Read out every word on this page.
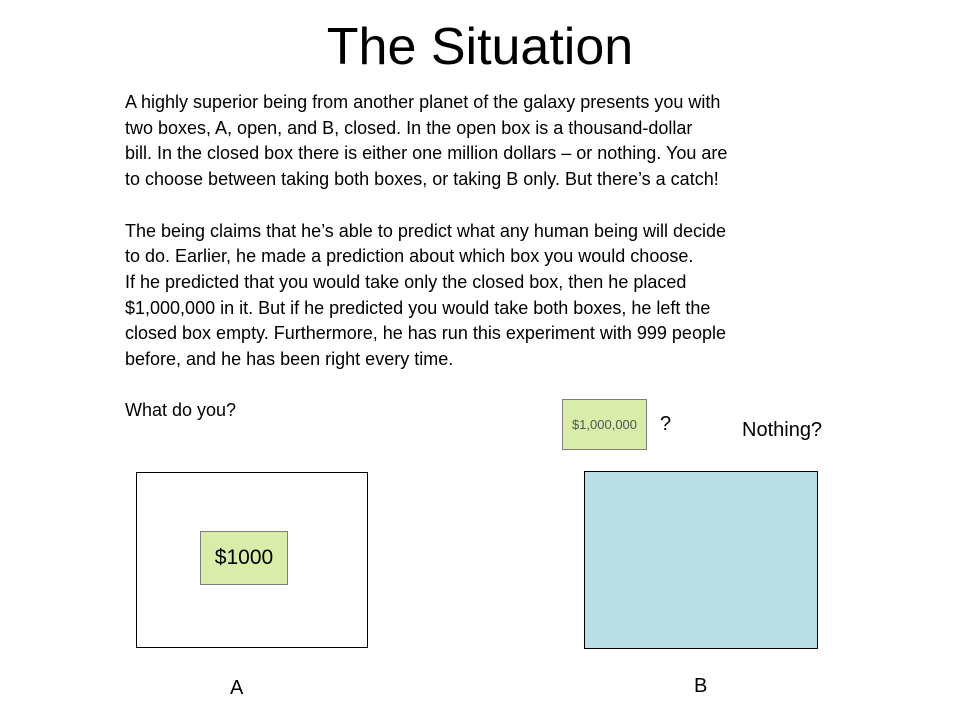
The Situation

A highly superior being from another planet of the galaxy presents you with

two boxes, A, open, and B, closed. In the open box is a thousand-dollar

bill. In the closed box there is either one million dollars – or nothing. You are

to choose between taking both boxes, or taking B only. But there’s a catch!

The being claims that he’s able to predict what any human being will decide

to do. Earlier, he made a prediction about which box you would choose.

If he predicted that you would take only the closed box, then he placed

$1,000,000 in it. But if he predicted you would take both boxes, he left the

closed box empty. Furthermore, he has run this experiment with 999 people

before, and he has been right every time.

What do you?

$1000
$1,000,000	?	Nothing?
A	B
